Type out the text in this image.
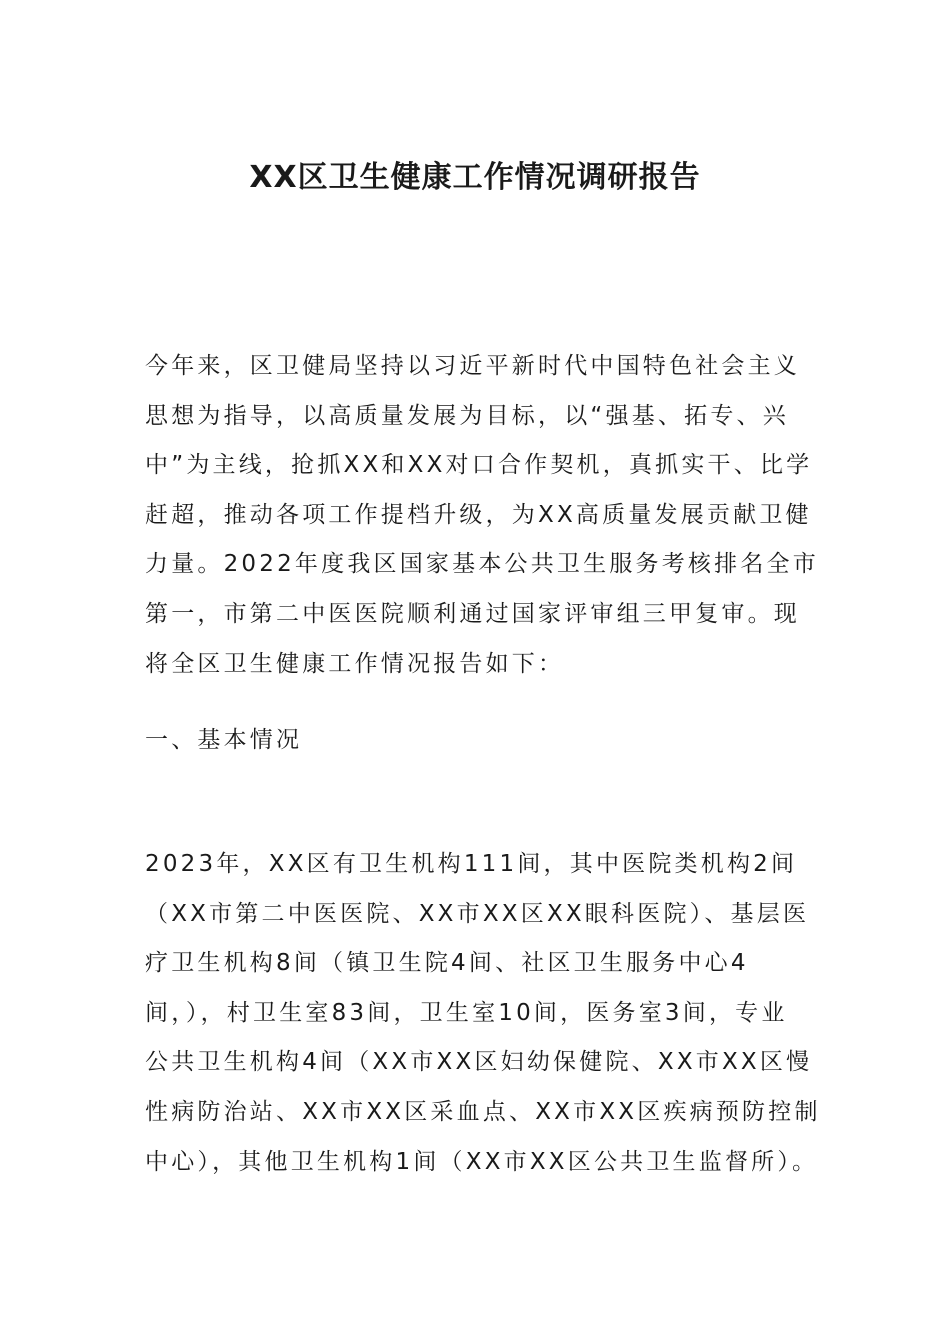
XX区卫生健康工作情况调研报告

今年来，区卫健局坚持以习近平新时代中国特色社会主义
思想为指导，以高质量发展为目标，以“强基、拓专、兴
中”为主线，抢抓XX和XX对口合作契机，真抓实干、比学
赶超，推动各项工作提档升级，为XX高质量发展贡献卫健
力量。2022年度我区国家基本公共卫生服务考核排名全市
第一，市第二中医医院顺利通过国家评审组三甲复审。现
将全区卫生健康工作情况报告如下：

一、基本情况

2023年，XX区有卫生机构111间，其中医院类机构2间
（XX市第二中医医院、XX市XX区XX眼科医院）、基层医
疗卫生机构8间（镇卫生院4间、社区卫生服务中心4
间，），村卫生室83间，卫生室10间，医务室3间，专业
公共卫生机构4间（XX市XX区妇幼保健院、XX市XX区慢
性病防治站、XX市XX区采血点、XX市XX区疾病预防控制
中心），其他卫生机构1间（XX市XX区公共卫生监督所）。
